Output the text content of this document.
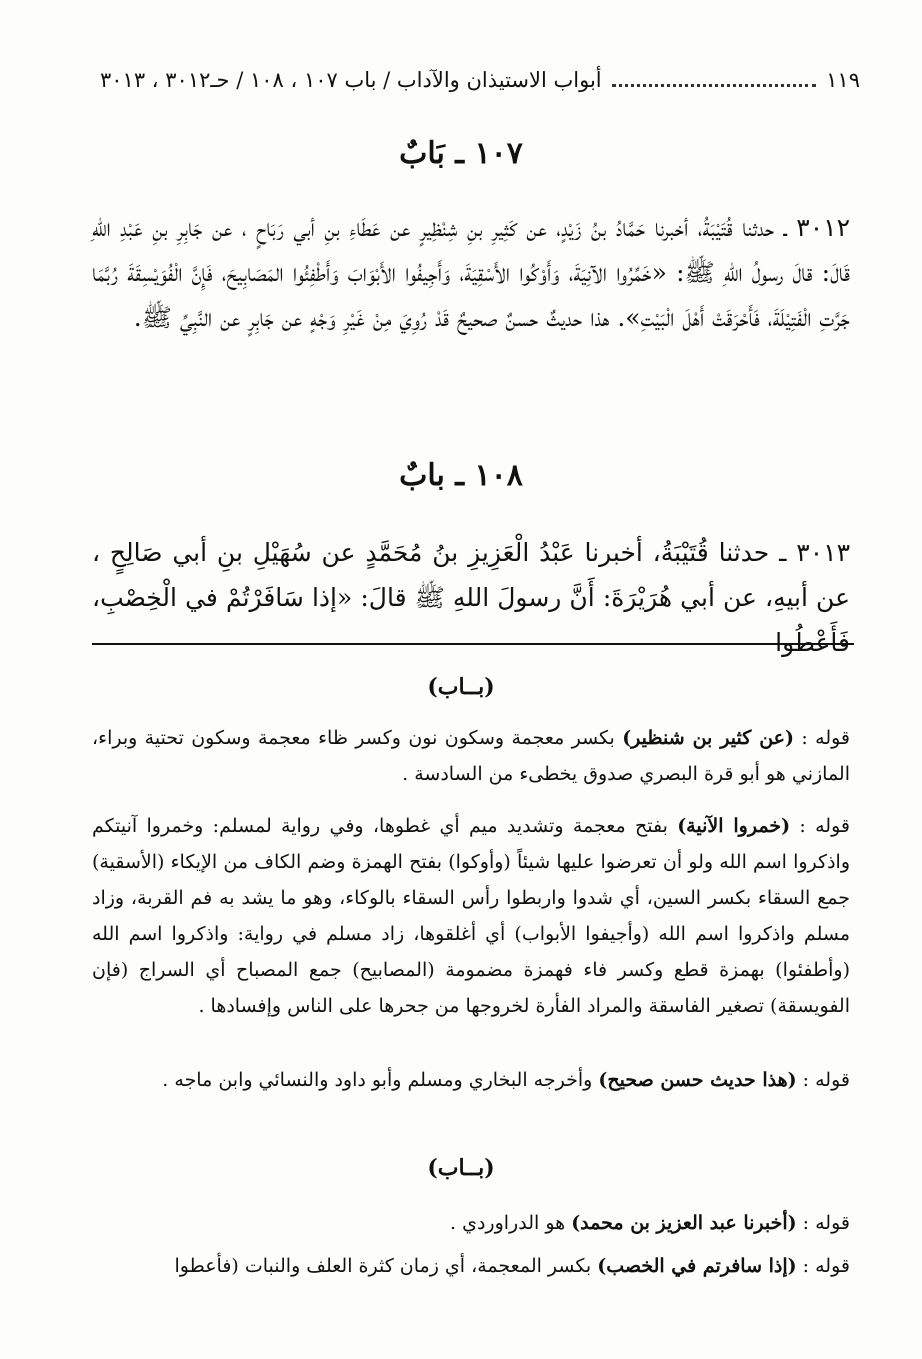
أبواب الاستيذان والآداب / باب ١٠٧ ، ١٠٨ / حـ٣٠١٢ ، ٣٠١٣	١١٩
١٠٧ ـ بَابٌ
٣٠١٢ ـ حدثنا قُتَيْبَةُ، أخبرنا حَمَّادُ بنُ زَيْدٍ، عن كَثِيرِ بنِ شِنْظِيرٍ عن عَطَاءِ بنِ أبي رَبَاحٍ ، عن جَابِرِ بنِ عَبْدِ اللهِ قَالَ: قالَ رسولُ اللهِ ﷺ: «خَمِّرُوا الآنِيَةَ، وَأَوْكُوا الأَسْقِيَةَ، وَأَجِيفُوا الأَبْوَابَ وَأَطْفِئُوا المَصَابِيحَ، فَإِنَّ الْفُوَيْسِقَةَ رُبَّمَا جَرَّتِ الْفَتِيْلَةَ، فَأَحْرَقَتْ أَهْلَ الْبَيْتِ». هذا حديثٌ حسنٌ صحيحٌ قَدْ رُوِيَ مِنْ غَيْرِ وَجْهٍ عن جَابِرٍ عن النَّبِيِّ ﷺ.
١٠٨ ـ بابٌ
٣٠١٣ ـ حدثنا قُتَيْبَةُ، أخبرنا عَبْدُ الْعَزِيزِ بنُ مُحَمَّدٍ عن سُهَيْلِ بنِ أبي صَالِحٍ ، عن أبيهِ، عن أبي هُرَيْرَةَ: أَنَّ رسولَ اللهِ ﷺ قالَ: «إذا سَافَرْتُمْ في الْخِصْبِ، فَأَعْطُوا
(بــاب)
قوله : (عن كثير بن شنظير) بكسر معجمة وسكون نون وكسر ظاء معجمة وسكون تحتية وبراء، المازني هو أبو قرة البصري صدوق يخطىء من السادسة .
قوله : (خمروا الآنية) بفتح معجمة وتشديد ميم أي غطوها، وفي رواية لمسلم: وخمروا آنيتكم واذكروا اسم الله ولو أن تعرضوا عليها شيئاً (وأوكوا) بفتح الهمزة وضم الكاف من الإيكاء (الأسقية) جمع السقاء بكسر السين، أي شدوا واربطوا رأس السقاء بالوكاء، وهو ما يشد به فم القربة، وزاد مسلم واذكروا اسم الله (وأجيفوا الأبواب) أي أغلقوها، زاد مسلم في رواية: واذكروا اسم الله (وأطفئوا) بهمزة قطع وكسر فاء فهمزة مضمومة (المصابيح) جمع المصباح أي السراج (فإن الفويسقة) تصغير الفاسقة والمراد الفأرة لخروجها من جحرها على الناس وإفسادها .
قوله : (هذا حديث حسن صحيح) وأخرجه البخاري ومسلم وأبو داود والنسائي وابن ماجه .
(بــاب)
قوله : (أخبرنا عبد العزيز بن محمد) هو الدراوردي .
قوله : (إذا سافرتم في الخصب) بكسر المعجمة، أي زمان كثرة العلف والنبات (فأعطوا
